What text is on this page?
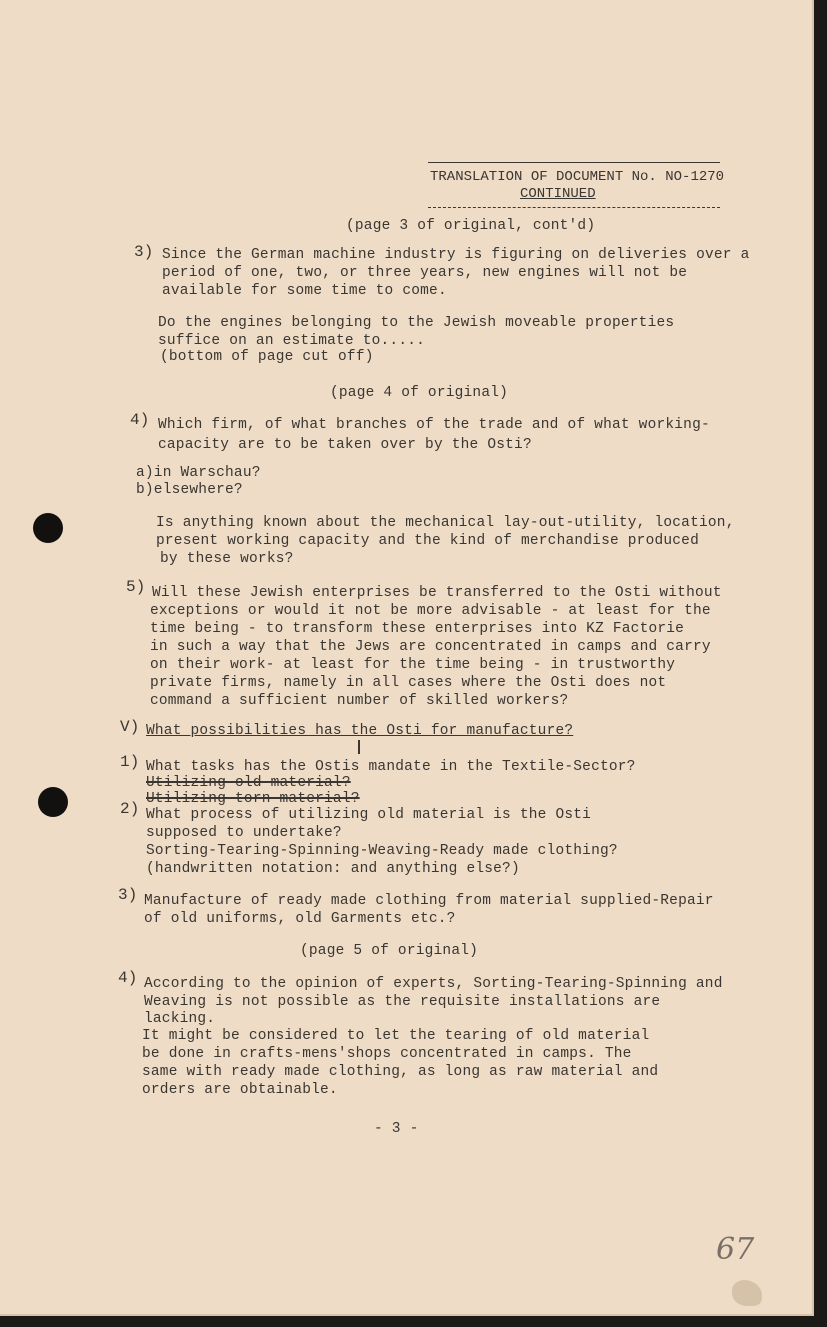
TRANSLATION OF DOCUMENT No. NO-1270
CONTINUED
(page 3 of original, cont'd)
3) Since the German machine industry is figuring on deliveries over a
period of one, two, or three years, new engines will not be
available for some time to come.
Do the engines belonging to the Jewish moveable properties
suffice on an estimate to.....
(bottom of page cut off)
(page 4 of original)
4) Which firm, of what branches of the trade and of what working-
capacity are to be taken over by the Osti?
a)in Warschau?
b)elsewhere?
Is anything known about the mechanical lay-out-utility, location,
present working capacity and the kind of merchandise produced
by these works?
5) Will these Jewish enterprises be transferred to the Osti without
exceptions or would it not be more advisable - at least for the
time being - to transform these enterprises into KZ Factorie
in such a way that the Jews are concentrated in camps and carry
on their work- at least for the time being - in trustworthy
private firms, namely in all cases where the Osti does not
command a sufficient number of skilled workers?
V) What possibilities has the Osti for manufacture?
1) What tasks has the Ostis mandate in the Textile-Sector?
Utilizing old material?
Utilizing torn material?
2) What process of utilizing old material is the Osti
supposed to undertake?
Sorting-Tearing-Spinning-Weaving-Ready made clothing?
(handwritten notation: and anything else?)
3) Manufacture of ready made clothing from material supplied-Repair
of old uniforms, old Garments etc.?
(page 5 of original)
4) According to the opinion of experts, Sorting-Tearing-Spinning and
Weaving is not possible as the requisite installations are
lacking.
It might be considered to let the tearing of old material
be done in crafts-mens'shops concentrated in camps. The
same with ready made clothing, as long as raw material and
orders are obtainable.
- 3 -
67
